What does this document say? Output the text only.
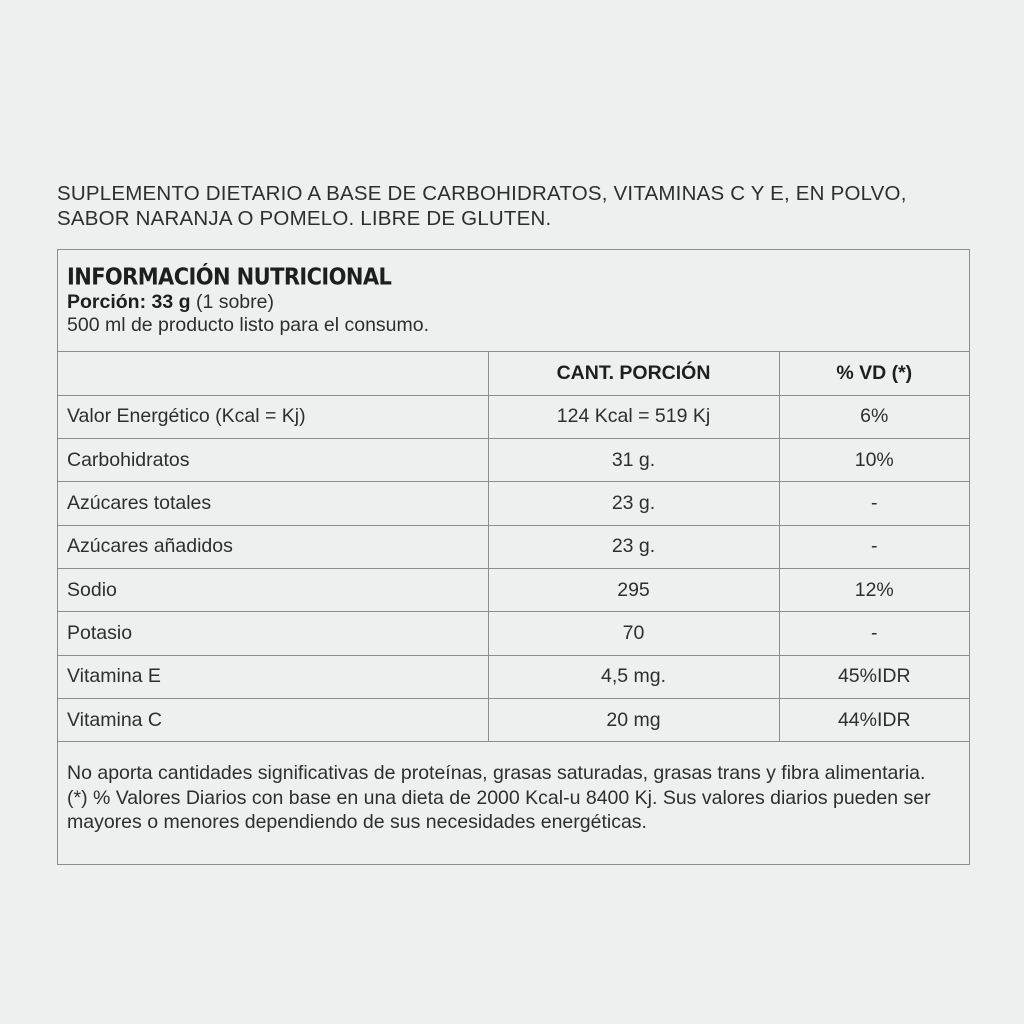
SUPLEMENTO DIETARIO A BASE DE CARBOHIDRATOS, VITAMINAS C Y E, EN POLVO, SABOR NARANJA O POMELO. LIBRE DE GLUTEN.
INFORMACIÓN NUTRICIONAL
Porción: 33 g (1 sobre)
500 ml de producto listo para el consumo.
	CANT. PORCIÓN	% VD (*)
Valor Energético (Kcal = Kj)	124 Kcal = 519 Kj	6%
Carbohidratos	31 g.	10%
Azúcares totales	23 g.	-
Azúcares añadidos	23 g.	-
Sodio	295	12%
Potasio	70	-
Vitamina E	4,5 mg.	45%IDR
Vitamina C	20 mg	44%IDR
No aporta cantidades significativas de proteínas, grasas saturadas, grasas trans y fibra alimentaria. (*) % Valores Diarios con base en una dieta de 2000 Kcal-u 8400 Kj. Sus valores diarios pueden ser mayores o menores dependiendo de sus necesidades energéticas.
